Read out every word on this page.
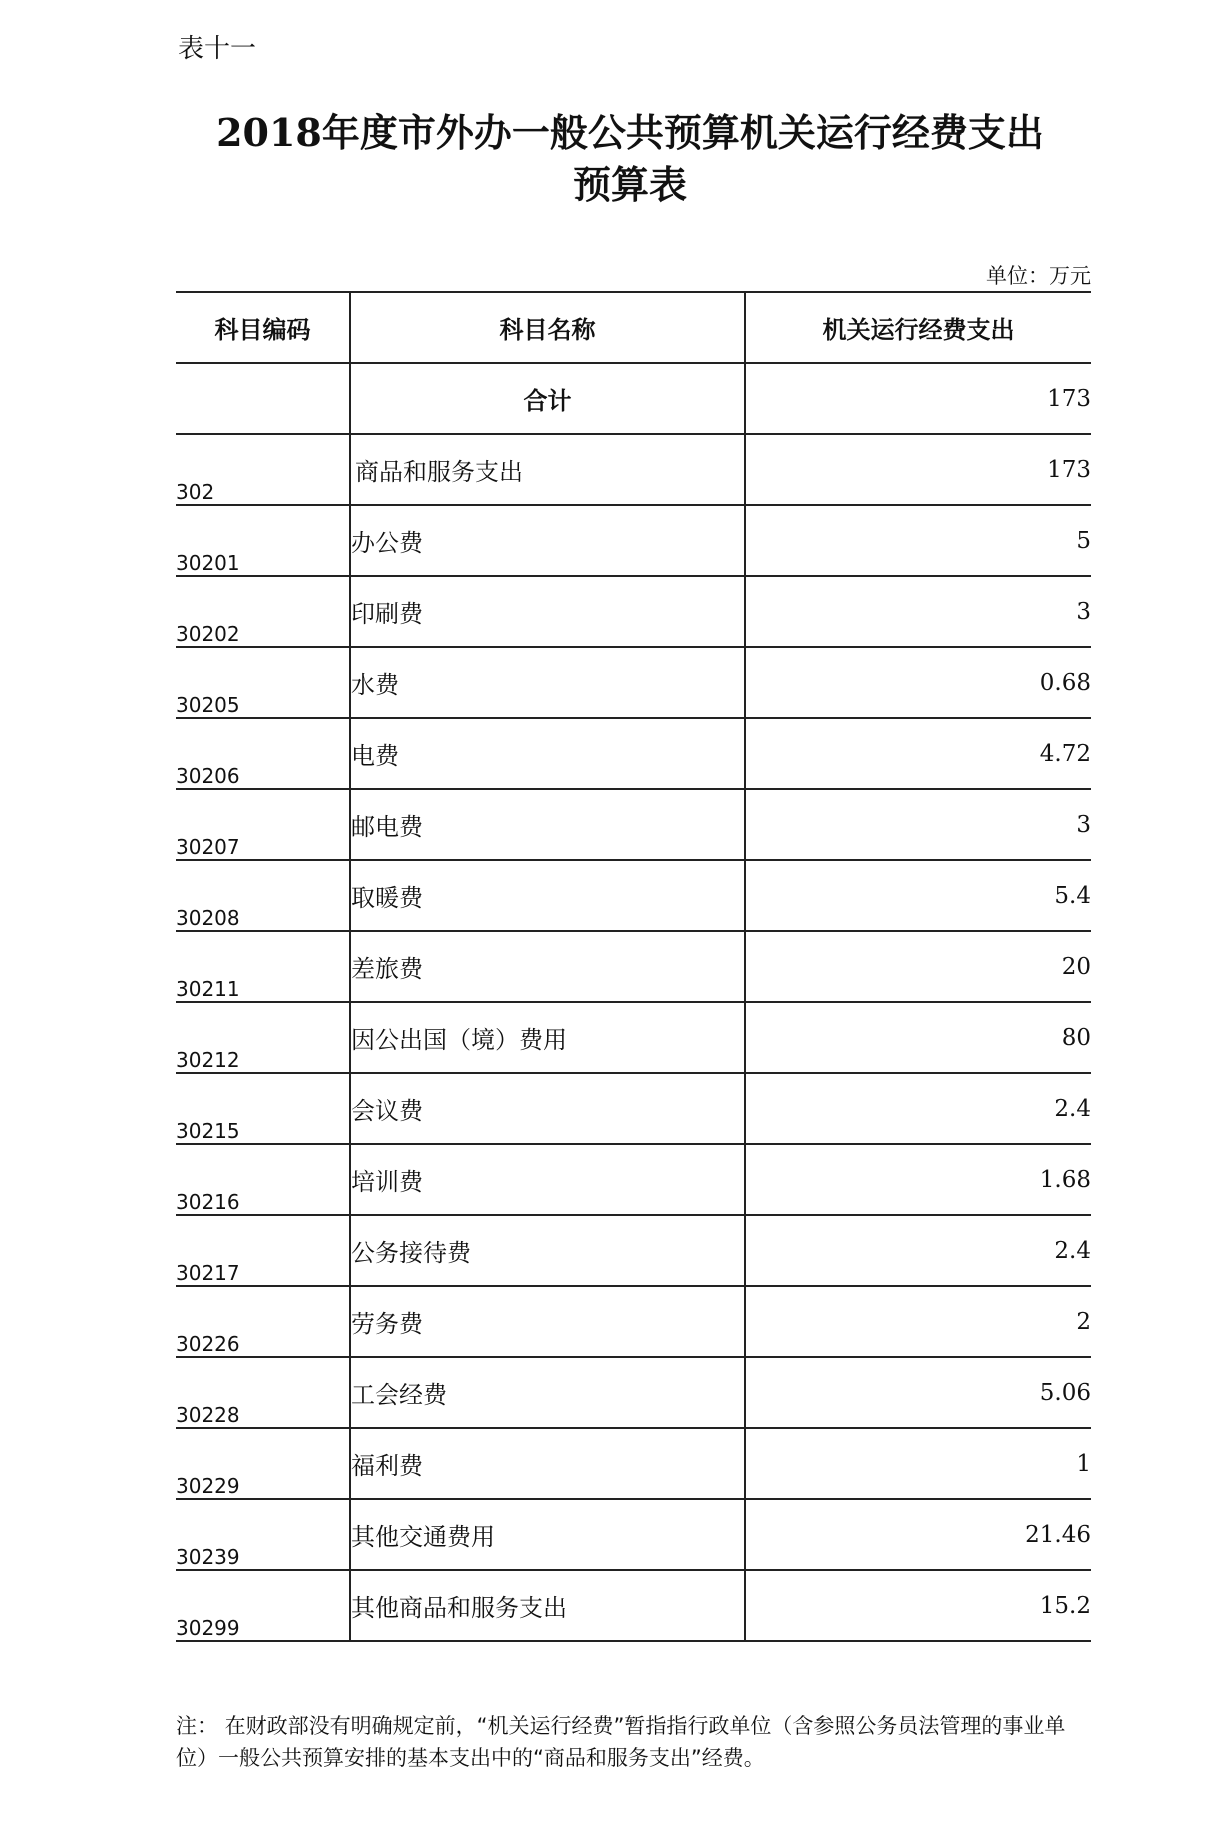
表十一
2018年度市外办一般公共预算机关运行经费支出
预算表
单位：万元
科目编码	科目名称	机关运行经费支出
	合计	173
302	商品和服务支出	173
30201	办公费	5
30202	印刷费	3
30205	水费	0.68
30206	电费	4.72
30207	邮电费	3
30208	取暖费	5.4
30211	差旅费	20
30212	因公出国（境）费用	80
30215	会议费	2.4
30216	培训费	1.68
30217	公务接待费	2.4
30226	劳务费	2
30228	工会经费	5.06
30229	福利费	1
30239	其他交通费用	21.46
30299	其他商品和服务支出	15.2
注： 在财政部没有明确规定前，“机关运行经费”暂指指行政单位（含参照公务员法管理的事业单位）一般公共预算安排的基本支出中的“商品和服务支出”经费。
